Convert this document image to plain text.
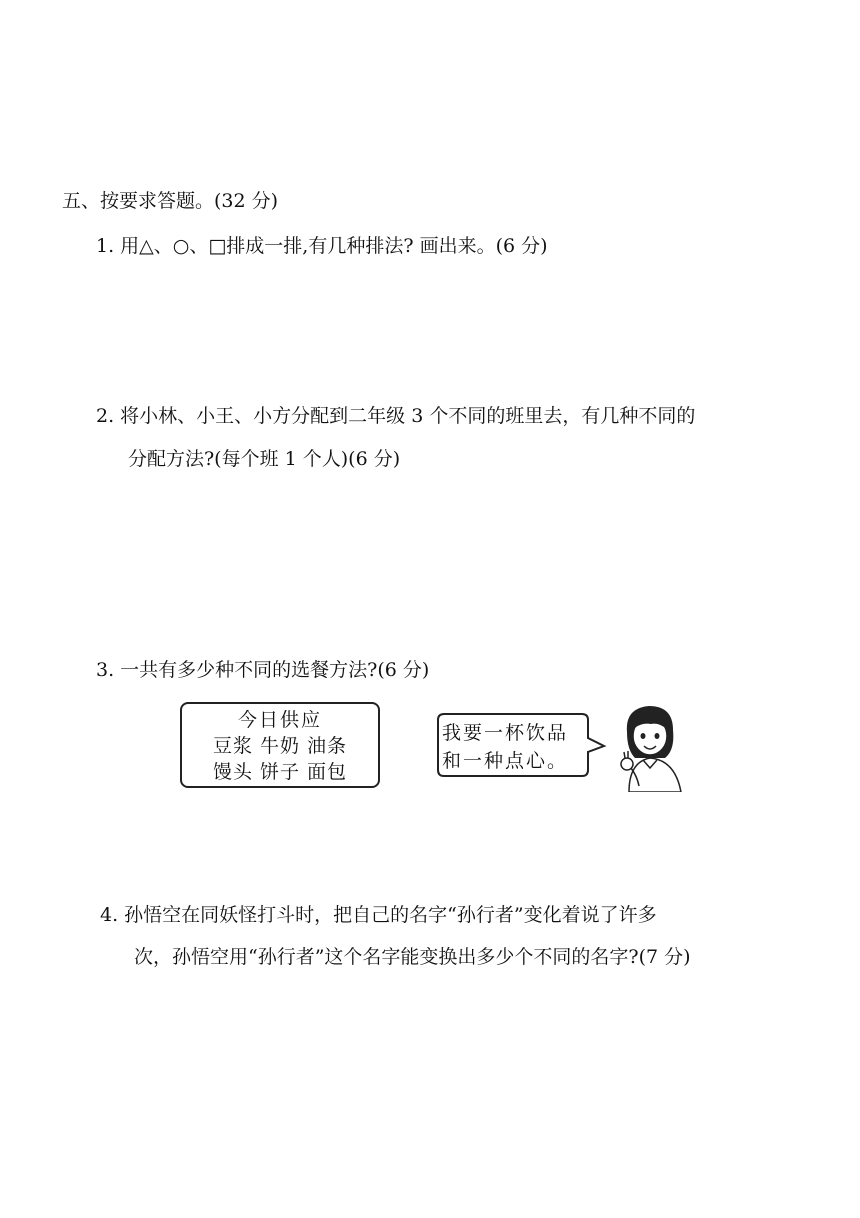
五、按要求答题。(32 分)
1. 用△、○、□排成一排,有几种排法? 画出来。(6 分)
2. 将小林、小王、小方分配到二年级 3 个不同的班里去，有几种不同的
分配方法?(每个班 1 个人)(6 分)
3. 一共有多少种不同的选餐方法?(6 分)
今日供应
豆浆 牛奶 油条
馒头 饼子 面包
我要一杯饮品
和一种点心。
4. 孙悟空在同妖怪打斗时，把自己的名字“孙行者”变化着说了许多
次，孙悟空用“孙行者”这个名字能变换出多少个不同的名字?(7 分)
